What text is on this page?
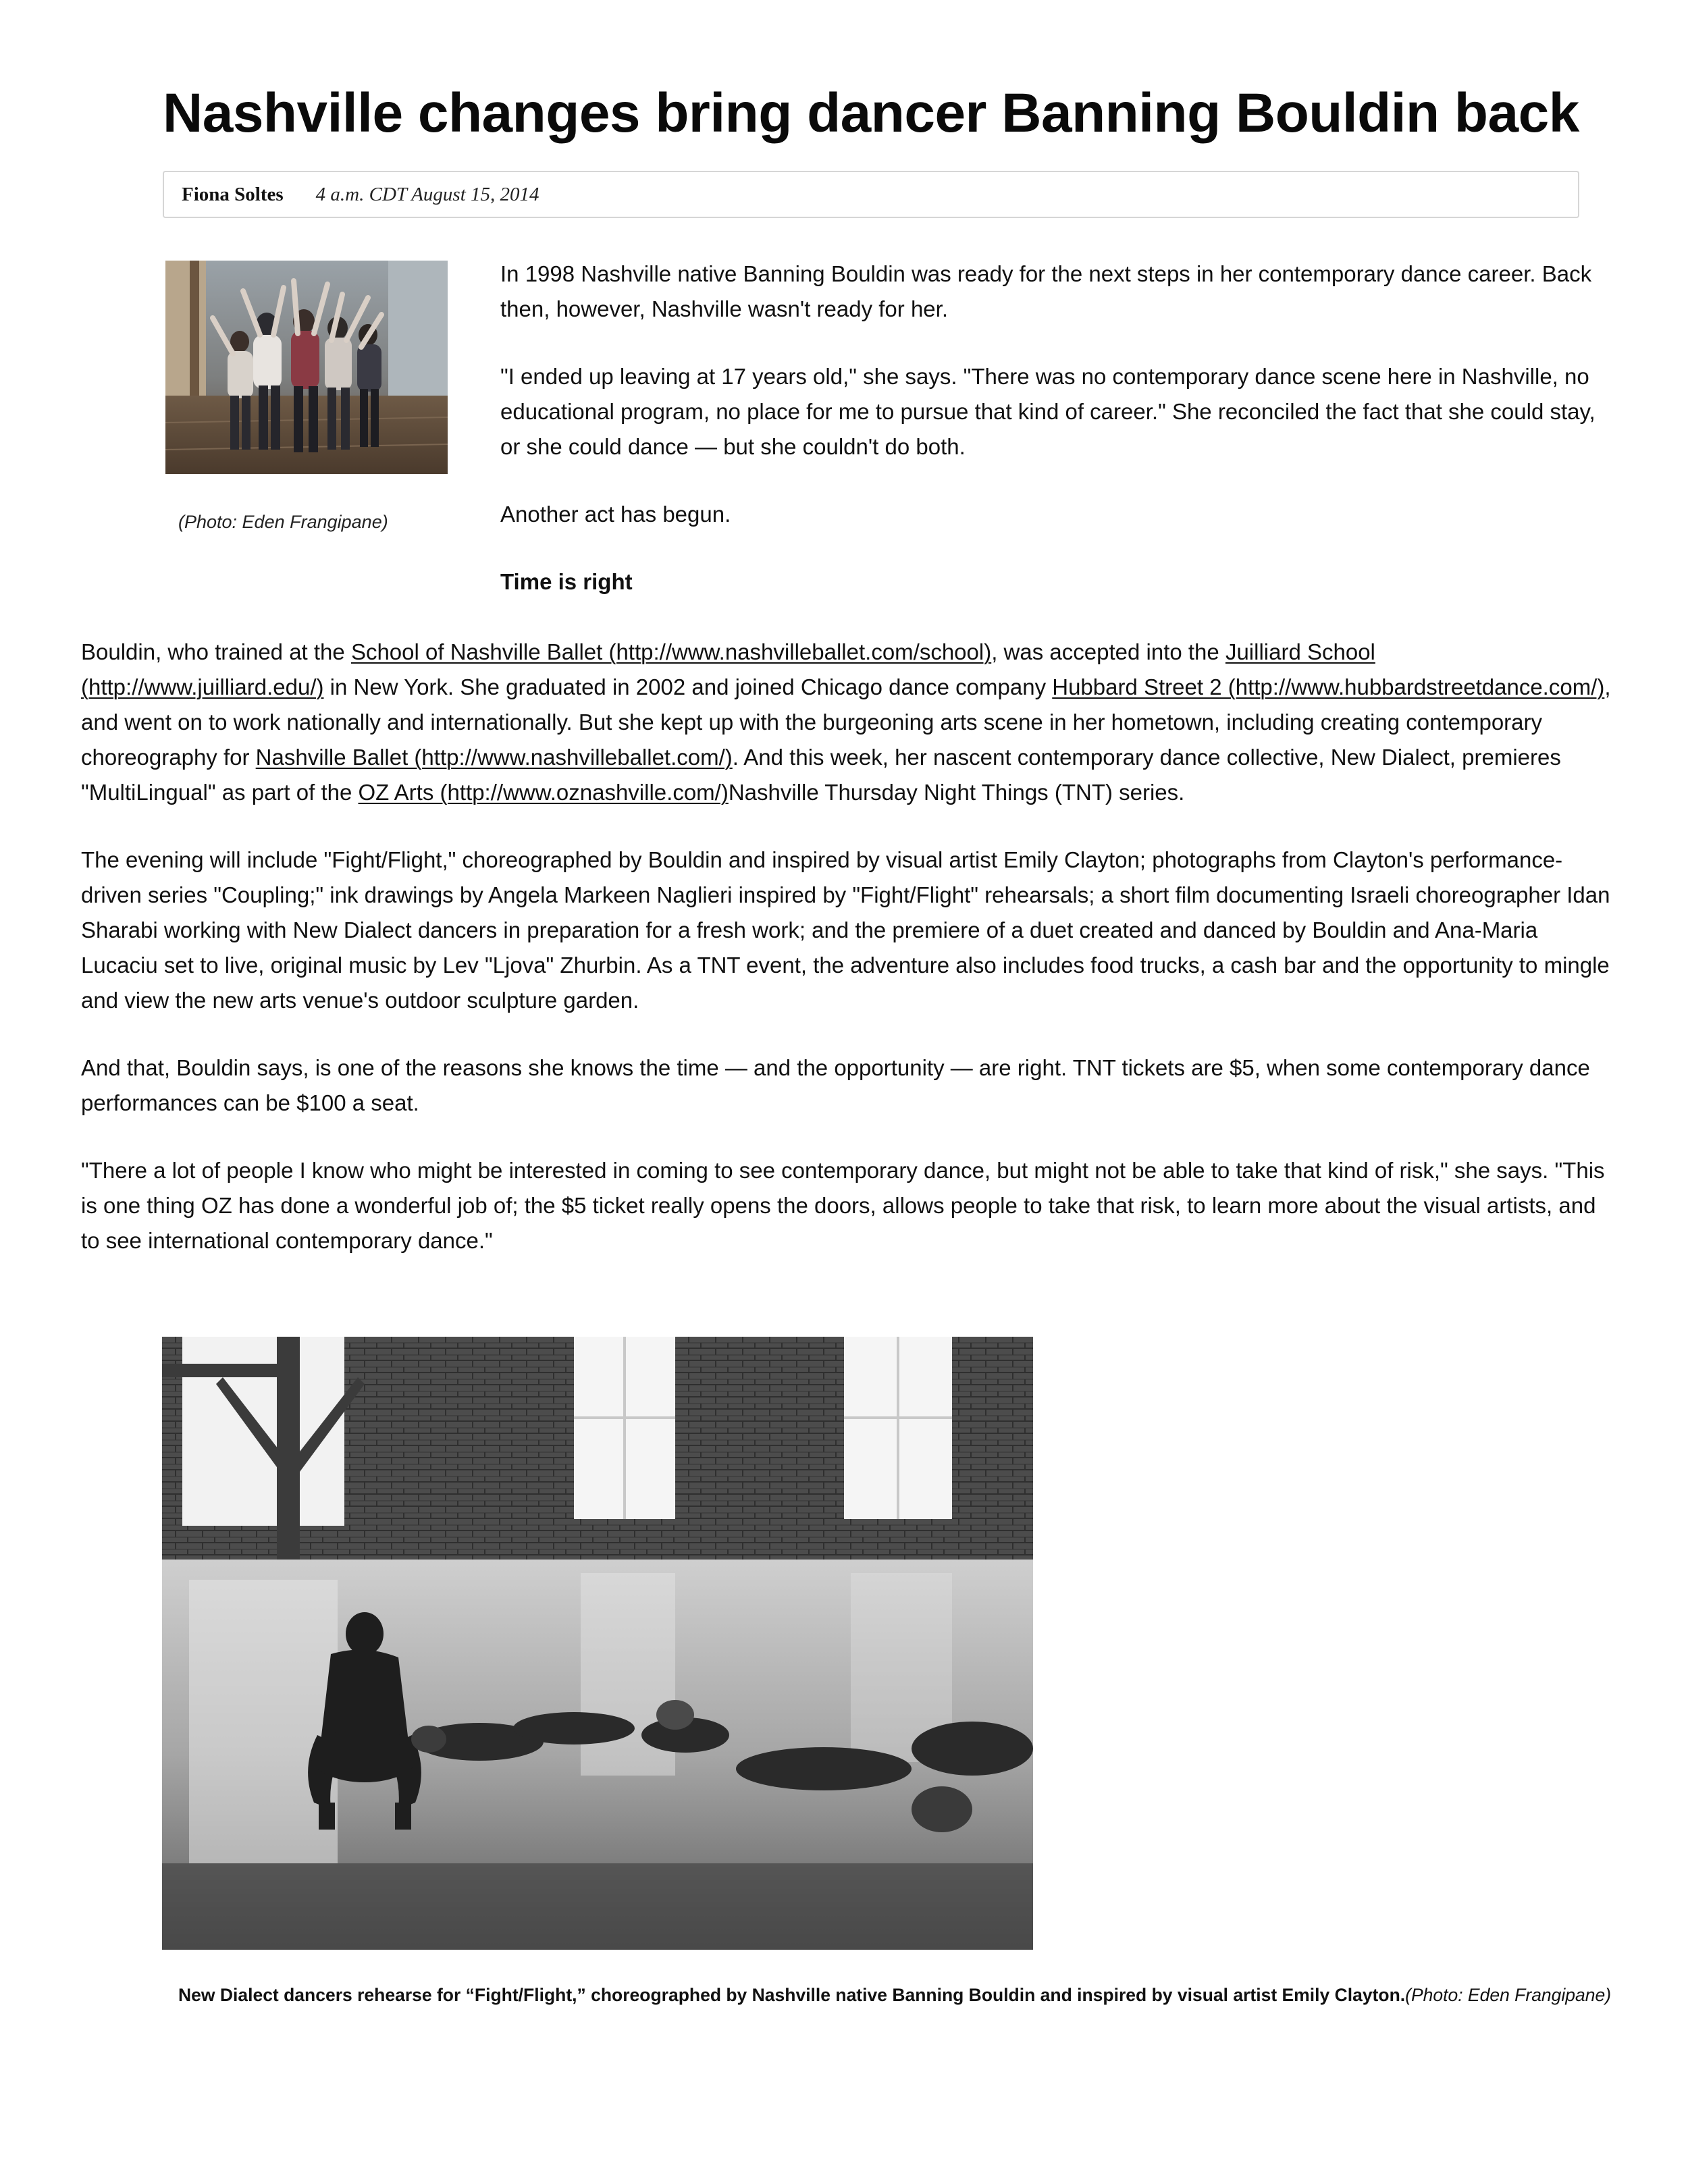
Nashville changes bring dancer Banning Bouldin back
Fiona Soltes 4 a.m. CDT August 15, 2014
(Photo: Eden Frangipane)

In 1998 Nashville native Banning Bouldin was ready for the next steps in her contemporary dance career. Back then, however, Nashville wasn't ready for her.

"I ended up leaving at 17 years old," she says. "There was no contemporary dance scene here in Nashville, no educational program, no place for me to pursue that kind of career." She reconciled the fact that she could stay, or she could dance — but she couldn't do both.

Another act has begun.

Time is right

Bouldin, who trained at the School of Nashville Ballet (http://www.nashvilleballet.com/school), was accepted into the Juilliard School (http://www.juilliard.edu/) in New York. She graduated in 2002 and joined Chicago dance company Hubbard Street 2 (http://www.hubbardstreetdance.com/), and went on to work nationally and internationally. But she kept up with the burgeoning arts scene in her hometown, including creating contemporary choreography for Nashville Ballet (http://www.nashvilleballet.com/). And this week, her nascent contemporary dance collective, New Dialect, premieres "MultiLingual" as part of the OZ Arts (http://www.oznashville.com/)Nashville Thursday Night Things (TNT) series.

The evening will include "Fight/Flight," choreographed by Bouldin and inspired by visual artist Emily Clayton; photographs from Clayton's performance-driven series "Coupling;" ink drawings by Angela Markeen Naglieri inspired by "Fight/Flight" rehearsals; a short film documenting Israeli choreographer Idan Sharabi working with New Dialect dancers in preparation for a fresh work; and the premiere of a duet created and danced by Bouldin and Ana-Maria Lucaciu set to live, original music by Lev "Ljova" Zhurbin. As a TNT event, the adventure also includes food trucks, a cash bar and the opportunity to mingle and view the new arts venue's outdoor sculpture garden.

And that, Bouldin says, is one of the reasons she knows the time — and the opportunity — are right. TNT tickets are $5, when some contemporary dance performances can be $100 a seat.

"There a lot of people I know who might be interested in coming to see contemporary dance, but might not be able to take that kind of risk," she says. "This is one thing OZ has done a wonderful job of; the $5 ticket really opens the doors, allows people to take that risk, to learn more about the visual artists, and to see international contemporary dance."

New Dialect dancers rehearse for “Fight/Flight,” choreographed by Nashville native Banning Bouldin and inspired by visual artist Emily Clayton.(Photo: Eden Frangipane)
